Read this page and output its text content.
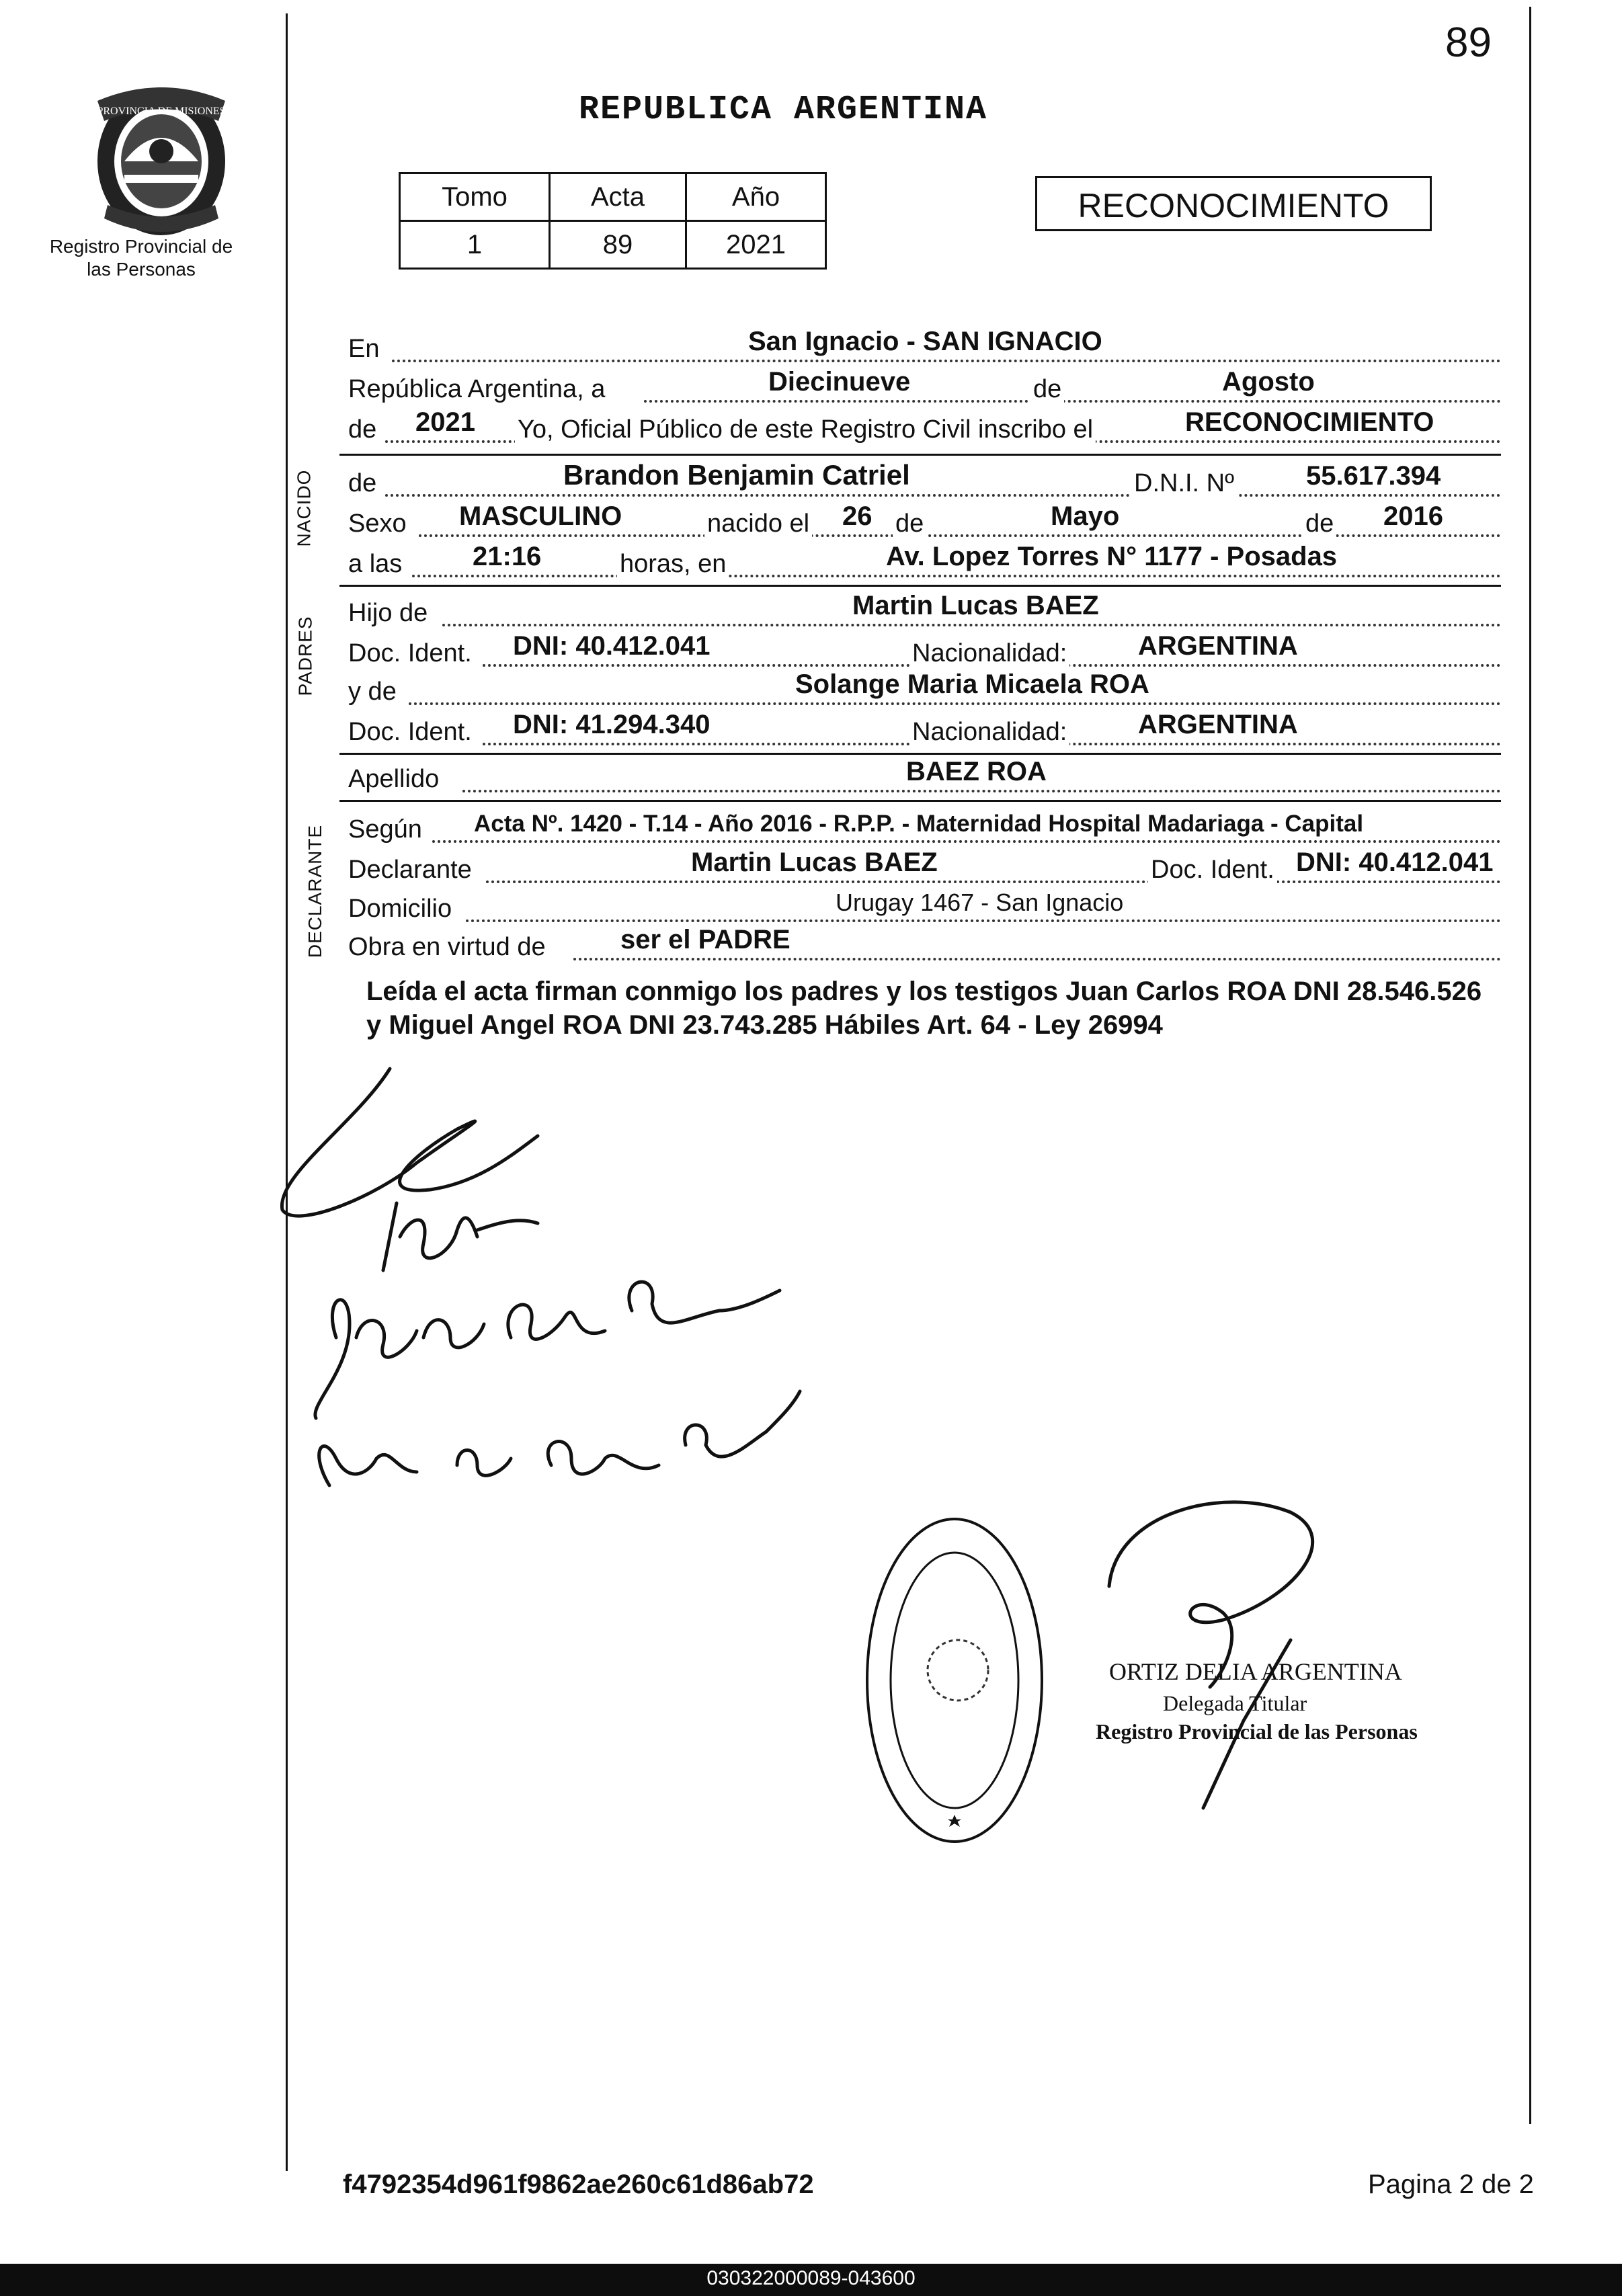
PROVINCIA DE MISIONES
Registro Provincial de las Personas
89
REPUBLICA ARGENTINA
Tomo	Acta	Año
1	89	2021
RECONOCIMIENTO
En	San Ignacio - SAN IGNACIO
República Argentina, a	Diecinueve	de	Agosto
de 2021 Yo, Oficial Público de este Registro Civil inscribo el	RECONOCIMIENTO
NACIDO de	Brandon Benjamin Catriel	D.N.I. Nº	55.617.394
Sexo MASCULINO	nacido el 26 de	Mayo	de 2016
a las	21:16	horas, en	Av. Lopez Torres N° 1177 - Posadas
PADRES
Hijo de	Martin Lucas BAEZ
Doc. Ident. DNI: 40.412.041	Nacionalidad:	ARGENTINA
y de	Solange Maria Micaela ROA
Doc. Ident. DNI: 41.294.340	Nacionalidad:	ARGENTINA
Apellido	BAEZ ROA
DECLARANTE Según Acta Nº. 1420 - T.14 - Año 2016 - R.P.P. - Maternidad Hospital Madariaga - Capital
Declarante	Martin Lucas BAEZ	Doc. Ident. DNI: 40.412.041
Domicilio	Urugay 1467 - San Ignacio
Obra en virtud de	ser el PADRE
Leída el acta firman conmigo los padres y los testigos Juan Carlos ROA DNI 28.546.526 y Miguel Angel ROA DNI 23.743.285 Hábiles Art. 64 - Ley 26994
ORTIZ DELIA ARGENTINA
Delegada Titular
Registro Provincial de las Personas
f4792354d961f9862ae260c61d86ab72	Pagina 2 de 2
030322000089-043600
